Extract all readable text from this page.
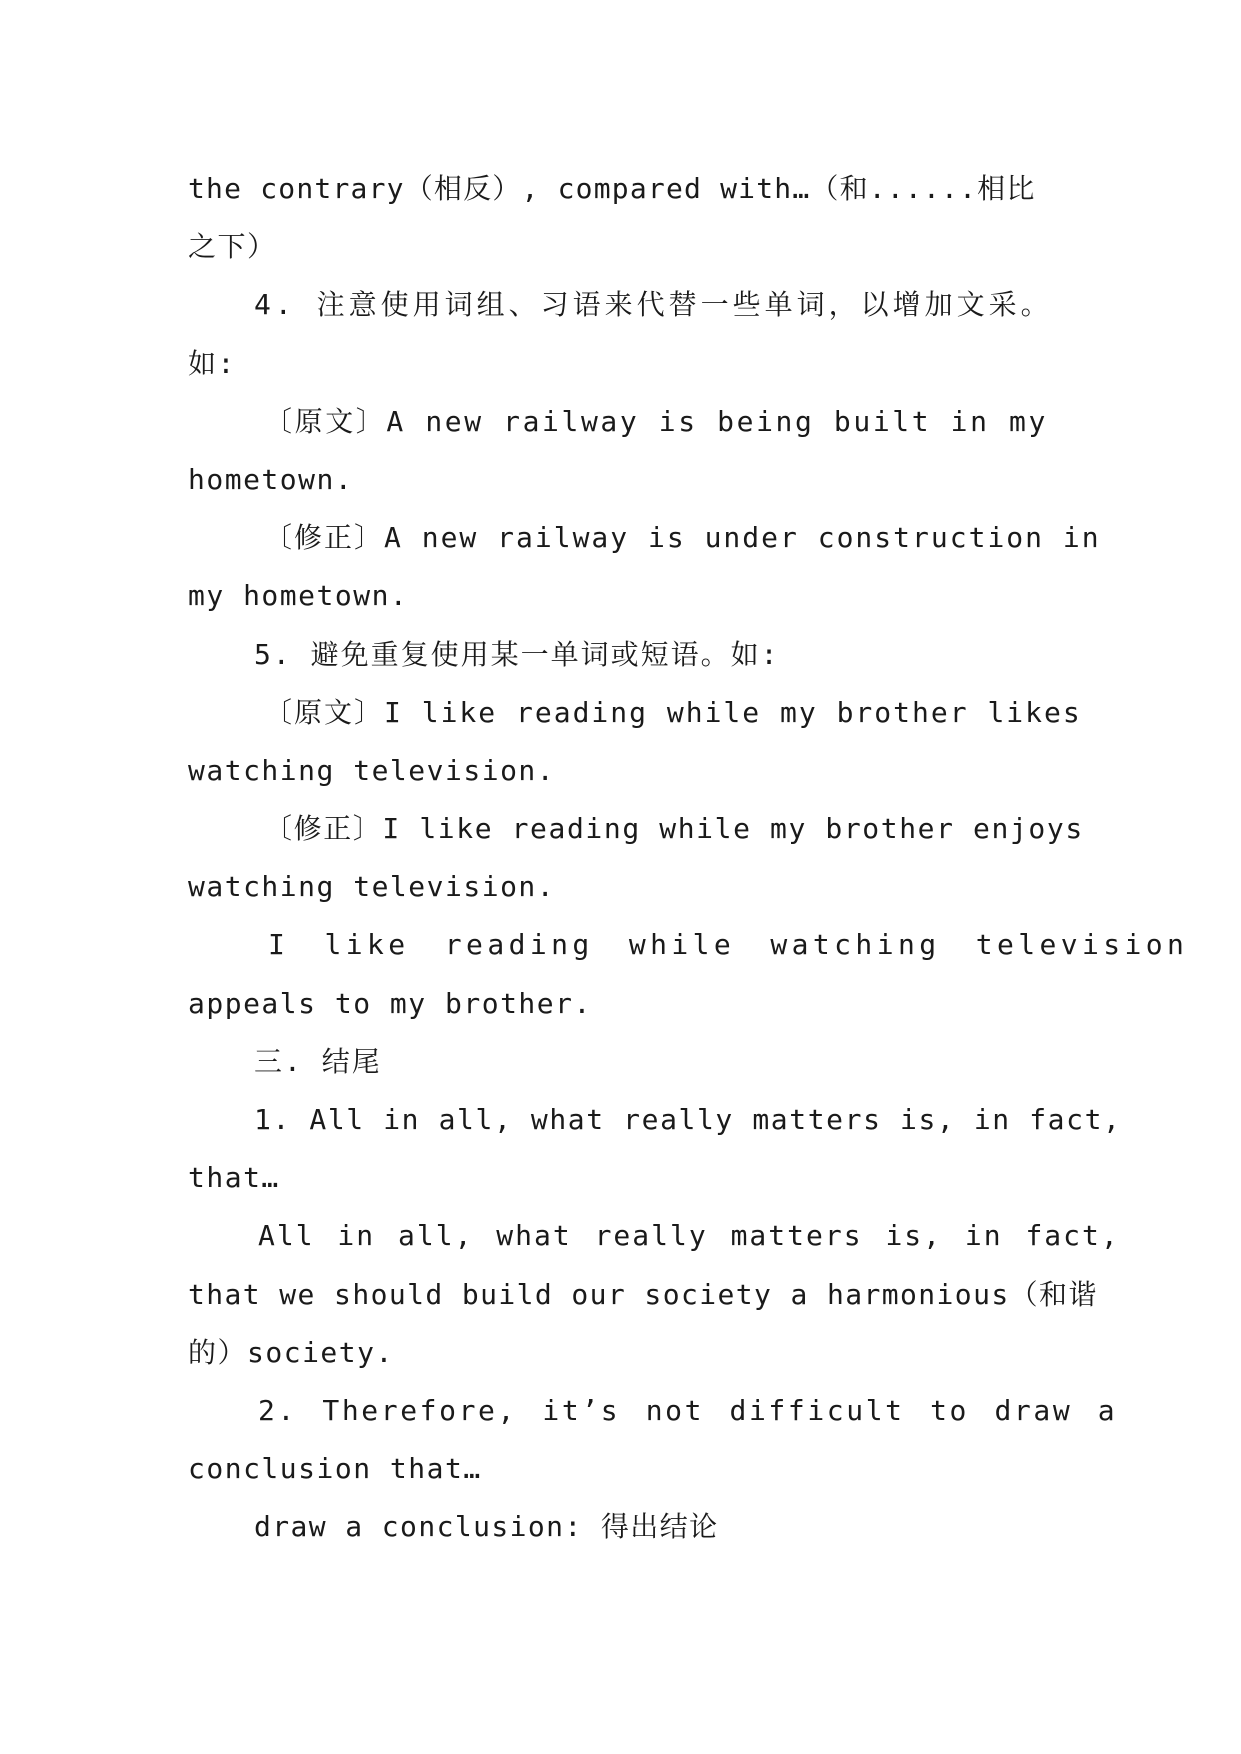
the contrary（相反）, compared with…（和......相比
之下）
4. 注意使用词组、习语来代替一些单词，以增加文采。
如:
〔原文〕A new railway is being built in my
hometown.
〔修正〕A new railway is under construction in
my hometown.
5. 避免重复使用某一单词或短语。如:
〔原文〕I like reading while my brother likes
watching television.
〔修正〕I like reading while my brother enjoys
watching television.
I like reading while watching television
appeals to my brother.
三. 结尾
1. All in all, what really matters is, in fact,
that…
All in all, what really matters is, in fact,
that we should build our society a harmonious（和谐
的）society.
2. Therefore, it’s not difficult to draw a
conclusion that…
draw a conclusion: 得出结论
